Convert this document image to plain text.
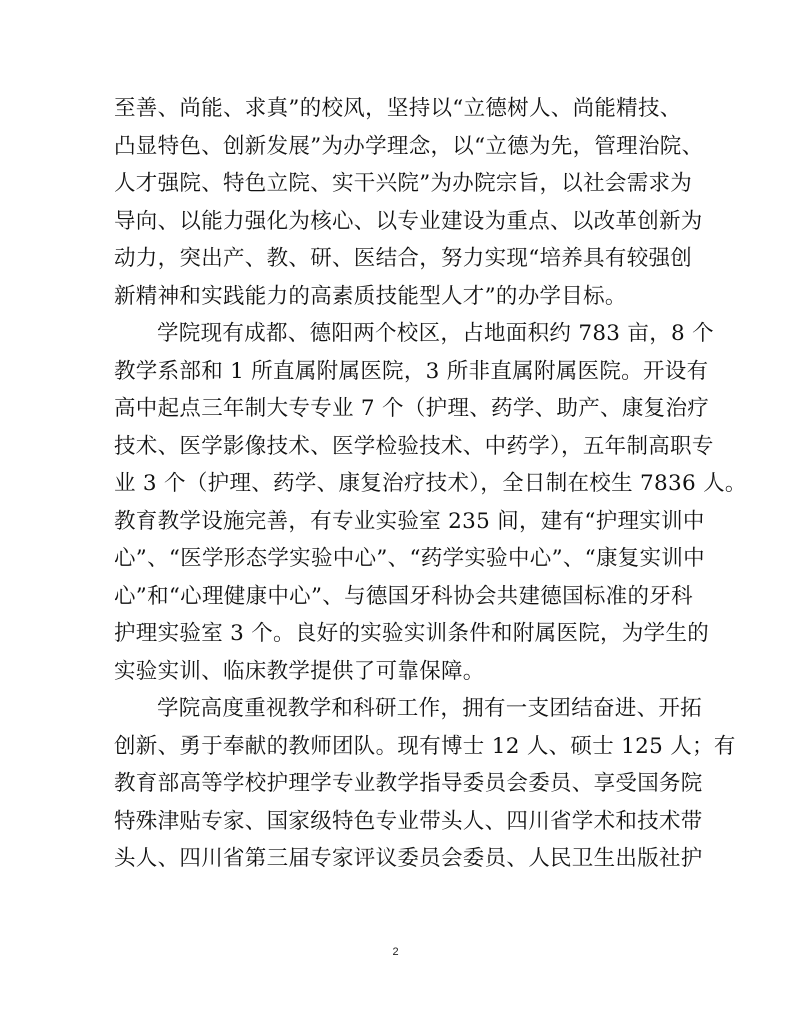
至善、尚能、求真”的校风，坚持以“立德树人、尚能精技、
凸显特色、创新发展”为办学理念，以“立德为先，管理治院、
人才强院、特色立院、实干兴院”为办院宗旨，以社会需求为
导向、以能力强化为核心、以专业建设为重点、以改革创新为
动力，突出产、教、研、医结合，努力实现“培养具有较强创
新精神和实践能力的高素质技能型人才”的办学目标。
学院现有成都、德阳两个校区，占地面积约 783 亩，8 个
教学系部和 1 所直属附属医院，3 所非直属附属医院。开设有
高中起点三年制大专专业 7 个（护理、药学、助产、康复治疗
技术、医学影像技术、医学检验技术、中药学），五年制高职专
业 3 个（护理、药学、康复治疗技术），全日制在校生 7836 人。
教育教学设施完善，有专业实验室 235 间，建有“护理实训中
心”、“医学形态学实验中心”、“药学实验中心”、“康复实训中
心”和“心理健康中心”、与德国牙科协会共建德国标准的牙科
护理实验室 3 个。良好的实验实训条件和附属医院，为学生的
实验实训、临床教学提供了可靠保障。
学院高度重视教学和科研工作，拥有一支团结奋进、开拓
创新、勇于奉献的教师团队。现有博士 12 人、硕士 125 人；有
教育部高等学校护理学专业教学指导委员会委员、享受国务院
特殊津贴专家、国家级特色专业带头人、四川省学术和技术带
头人、四川省第三届专家评议委员会委员、人民卫生出版社护
2
